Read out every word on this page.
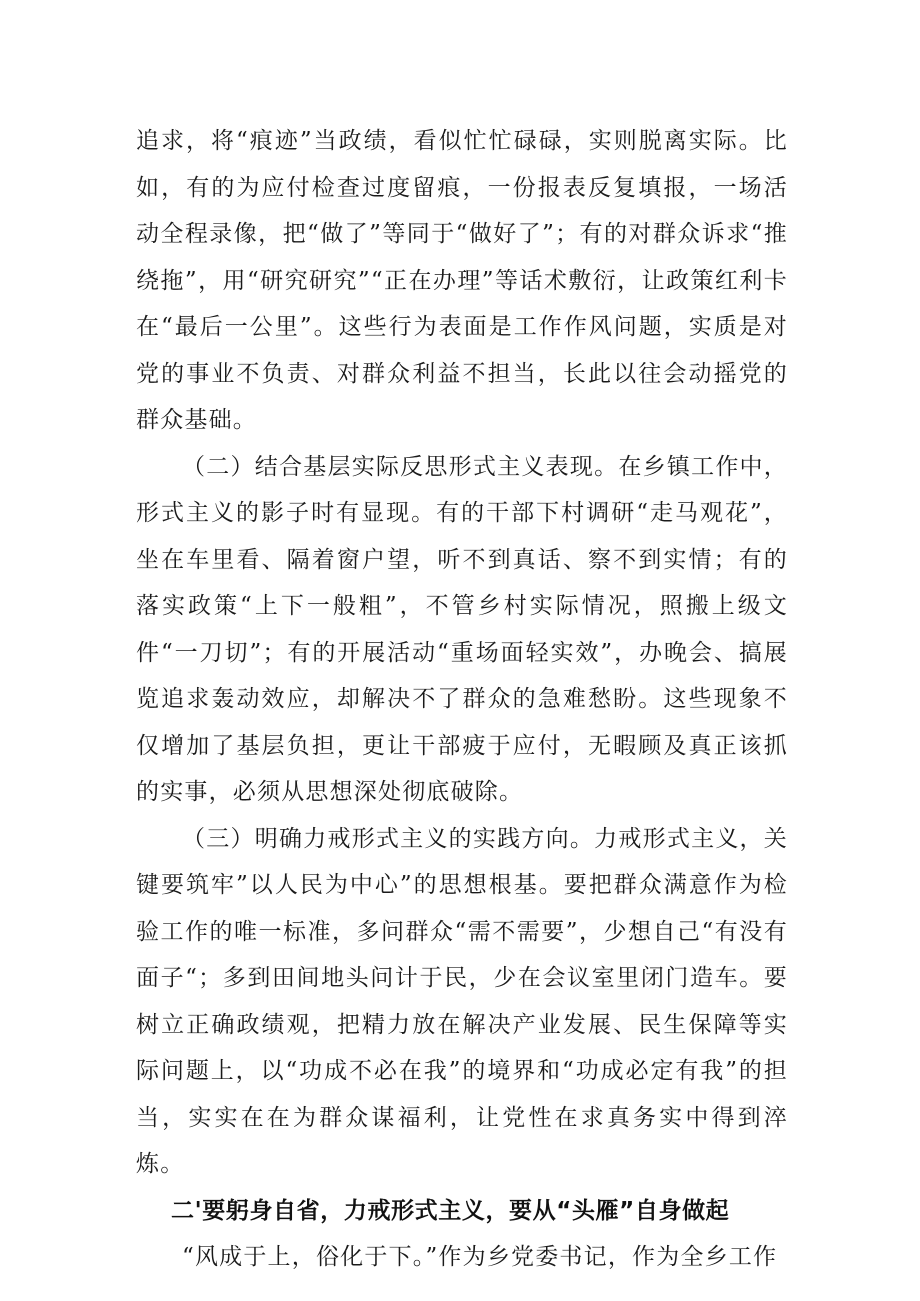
追求，将“痕迹”当政绩，看似忙忙碌碌，实则脱离实际。比如，有的为应付检查过度留痕，一份报表反复填报，一场活动全程录像，把“做了”等同于“做好了”；有的对群众诉求“推绕拖”，用“研究研究”“正在办理”等话术敷衍，让政策红利卡在“最后一公里”。这些行为表面是工作作风问题，实质是对党的事业不负责、对群众利益不担当，长此以往会动摇党的群众基础。

（二）结合基层实际反思形式主义表现。在乡镇工作中，形式主义的影子时有显现。有的干部下村调研“走马观花”，坐在车里看、隔着窗户望，听不到真话、察不到实情；有的落实政策“上下一般粗”，不管乡村实际情况，照搬上级文件“一刀切”；有的开展活动“重场面轻实效”，办晚会、搞展览追求轰动效应，却解决不了群众的急难愁盼。这些现象不仅增加了基层负担，更让干部疲于应付，无暇顾及真正该抓的实事，必须从思想深处彻底破除。

（三）明确力戒形式主义的实践方向。力戒形式主义，关键要筑牢”以人民为中心”的思想根基。要把群众满意作为检验工作的唯一标准，多问群众“需不需要”，少想自己“有没有面子“；多到田间地头问计于民，少在会议室里闭门造车。要树立正确政绩观，把精力放在解决产业发展、民生保障等实际问题上，以“功成不必在我”的境界和“功成必定有我”的担当，实实在在为群众谋福利，让党性在求真务实中得到淬炼。

二'要躬身自省，力戒形式主义，要从“头雁”自身做起

“风成于上，俗化于下。”作为乡党委书记，作为全乡工作
